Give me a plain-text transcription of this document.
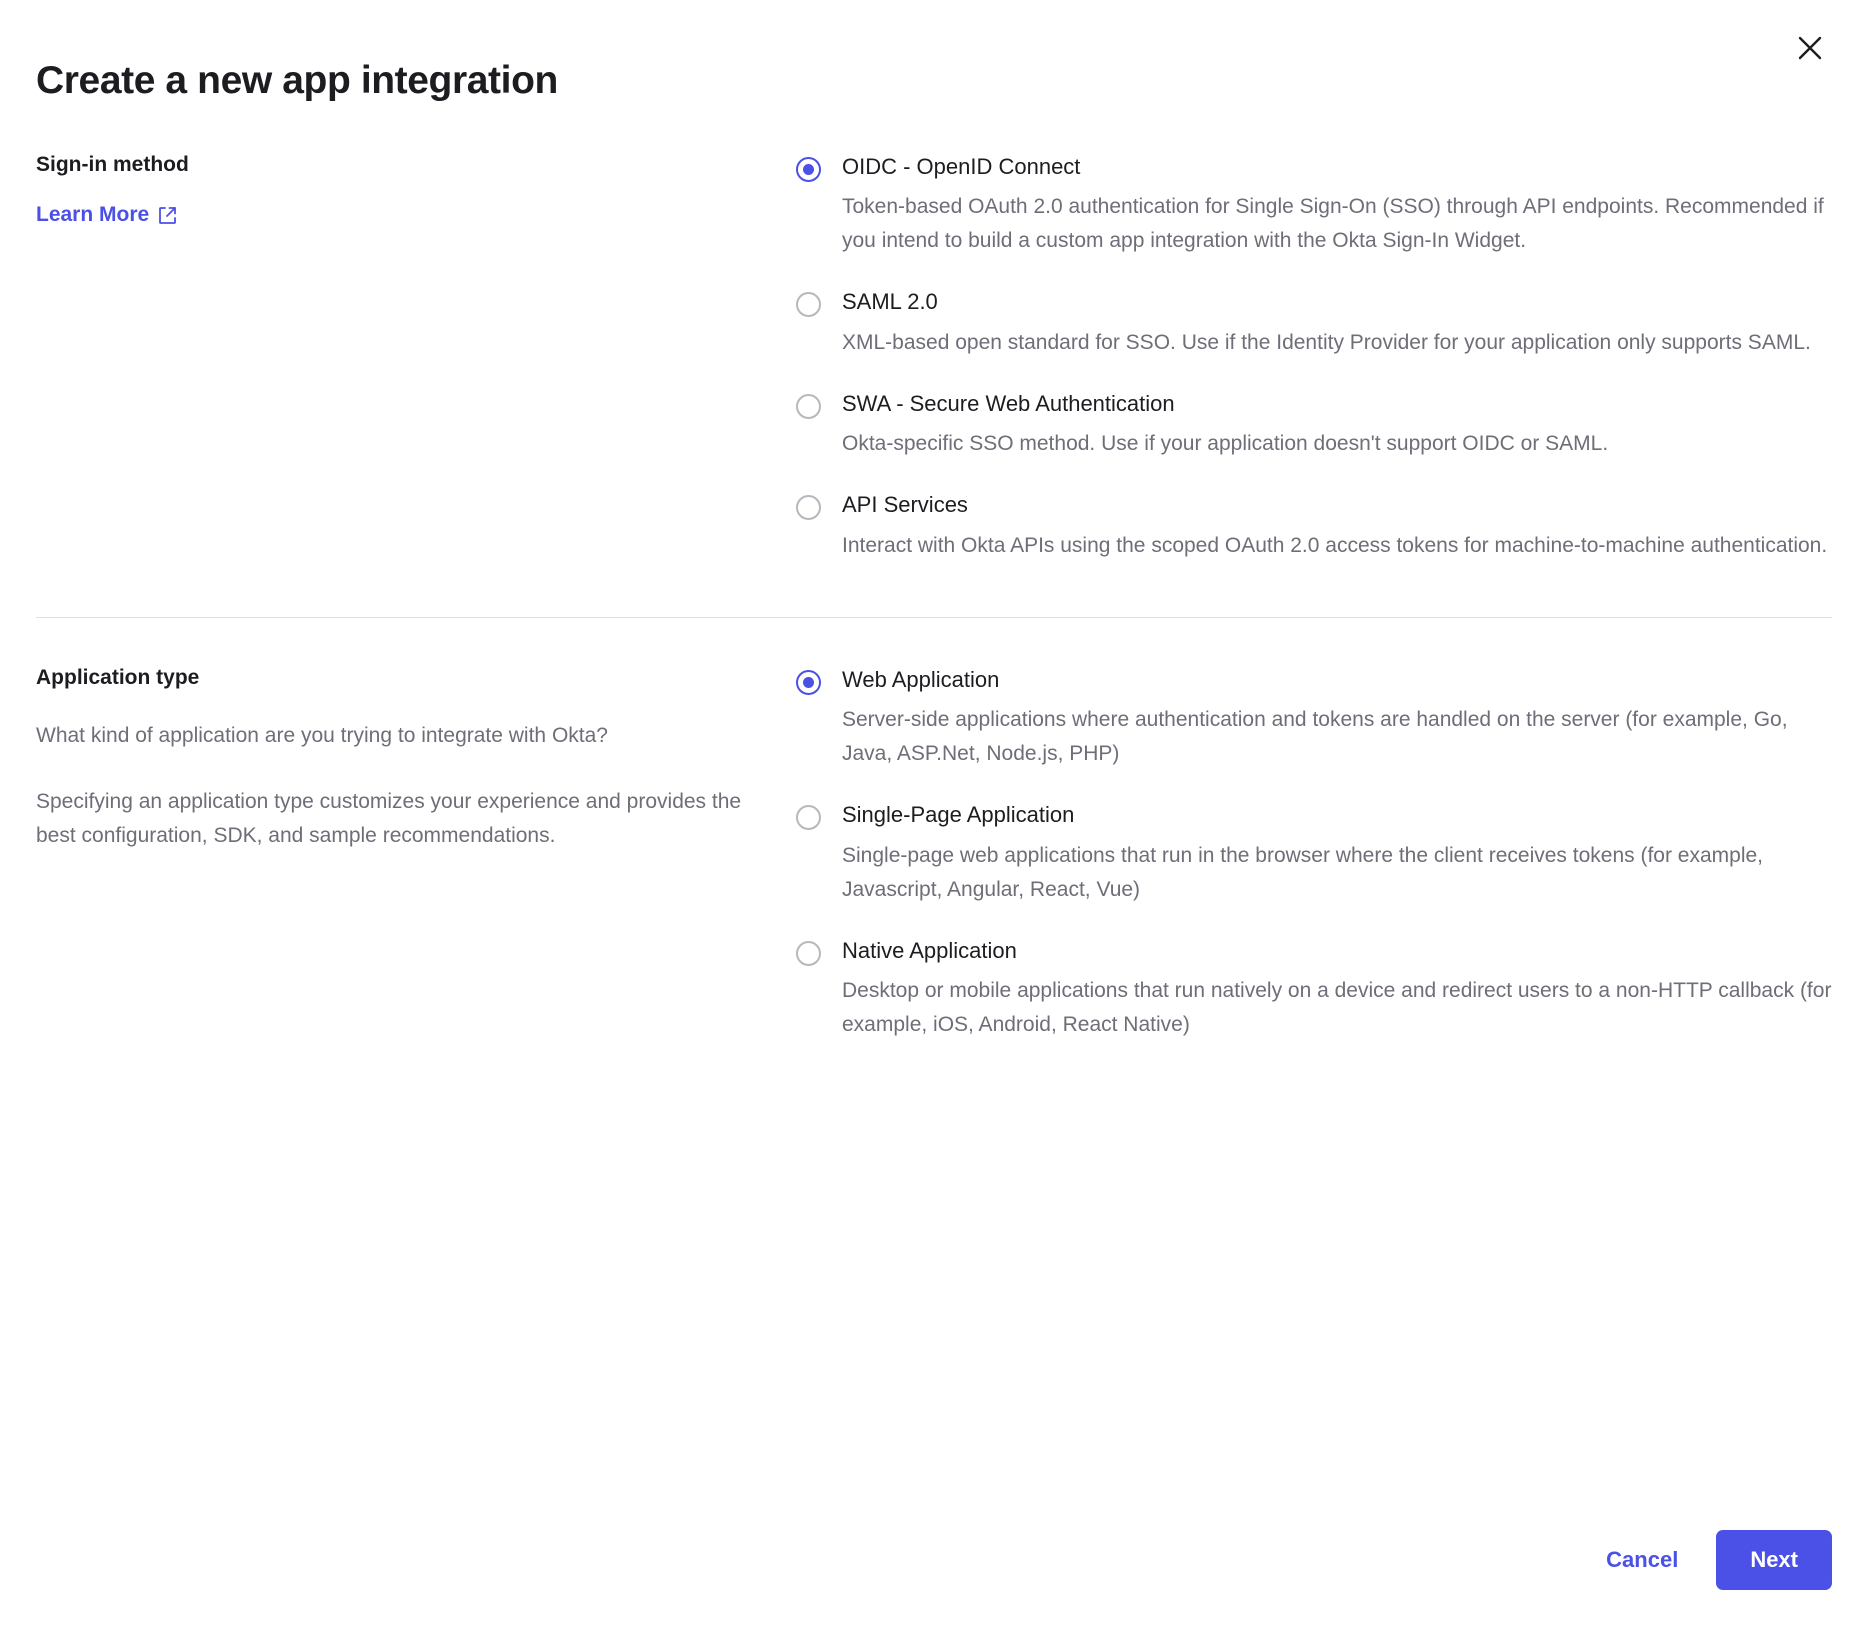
Create a new app integration

Sign-in method

Learn More
OIDC - OpenID Connect
Token-based OAuth 2.0 authentication for Single Sign-On (SSO) through API endpoints. Recommended if you intend to build a custom app integration with the Okta Sign-In Widget.
SAML 2.0
XML-based open standard for SSO. Use if the Identity Provider for your application only supports SAML.
SWA - Secure Web Authentication
Okta-specific SSO method. Use if your application doesn't support OIDC or SAML.
API Services
Interact with Okta APIs using the scoped OAuth 2.0 access tokens for machine-to-machine authentication.

Application type

What kind of application are you trying to integrate with Okta?

Specifying an application type customizes your experience and provides the best configuration, SDK, and sample recommendations.

Web Application
Server-side applications where authentication and tokens are handled on the server (for example, Go, Java, ASP.Net, Node.js, PHP)
Single-Page Application
Single-page web applications that run in the browser where the client receives tokens (for example, Javascript, Angular, React, Vue)
Native Application
Desktop or mobile applications that run natively on a device and redirect users to a non-HTTP callback (for example, iOS, Android, React Native)
Cancel	Next
